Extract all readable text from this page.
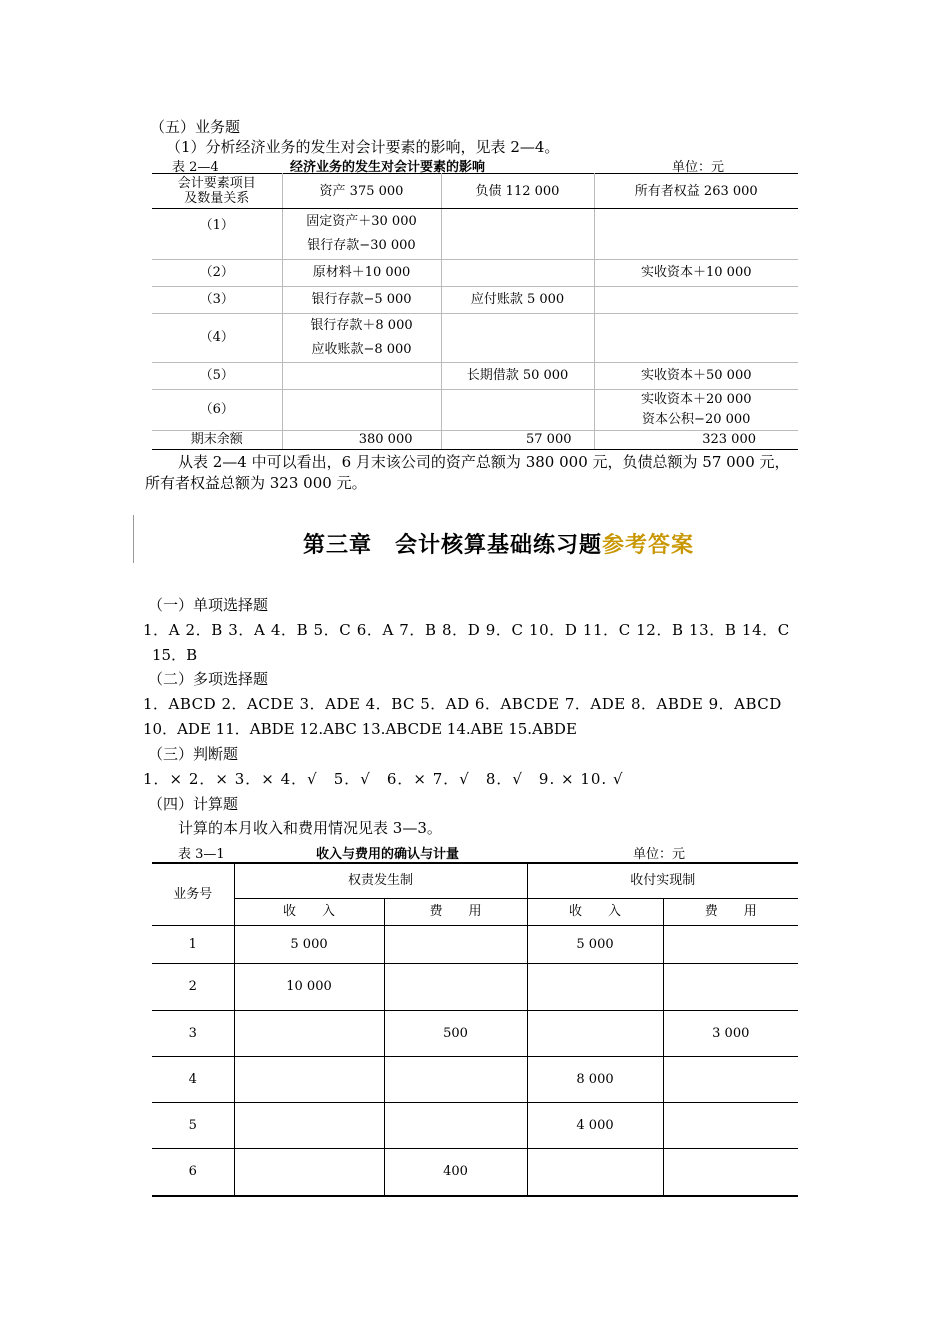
（五）业务题
（1）分析经济业务的发生对会计要素的影响，见表 2—4。
表 2—4	经济业务的发生对会计要素的影响	单位：元
会计要素项目
及数量关系	资产 375 000	负债 112 000	所有者权益 263 000
（1）	固定资产＋30 000
银行存款−30 000		

（2）	原材料＋10 000		实收资本＋10 000
（3）	银行存款−5 000	应付账款 5 000	
（4）	银行存款＋8 000
应收账款−8 000		

（5）		长期借款 50 000	实收资本＋50 000
（6）			实收资本＋20 000
资本公积−20 000

期末余额	380 000	57 000	323 000
从表 2—4 中可以看出，6 月末该公司的资产总额为 380 000 元，负债总额为 57 000 元，
所有者权益总额为 323 000 元。
第三章　会计核算基础练习题参考答案
（一）单项选择题
1．A 2．B 3．A 4．B 5．C 6．A 7．B 8．D 9．C 10．D 11．C 12．B 13．B 14．C
15．B
（二）多项选择题
1．ABCD 2．ACDE 3．ADE 4．BC 5．AD 6．ABCDE 7．ADE 8．ABDE 9．ABCD
10．ADE 11．ABDE 12.ABC 13.ABCDE 14.ABE 15.ABDE
（三）判断题
1．× 2．× 3．× 4．√　5．√　6．× 7．√　8．√　9. × 10. √
（四）计算题
计算的本月收入和费用情况见表 3—3。
表 3—1	收入与费用的确认与计量	单位：元
业务号	权责发生制		收付实现制	
	收　　入	费　　用	收　　入	费　　用
1	5 000		5 000	
2	10 000			
3		500		3 000
4			8 000	
5			4 000	
6		400		
